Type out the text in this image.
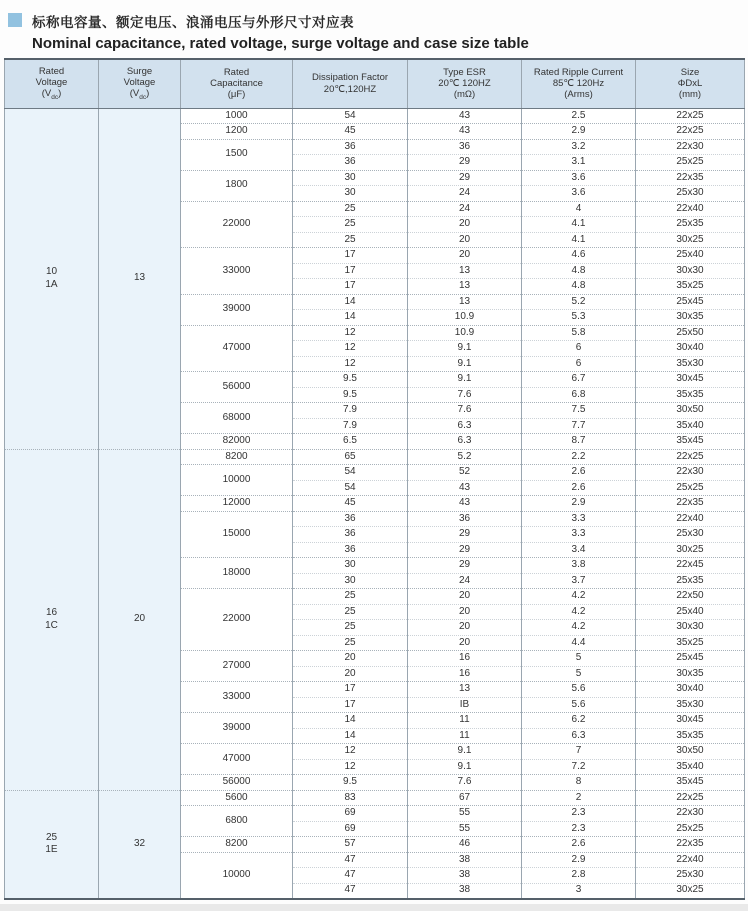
标称电容量、额定电压、浪涌电压与外形尺寸对应表
Nominal capacitance, rated voltage, surge voltage and case size table
Rated
Voltage
$(V_{dc})$	Surge
Voltage
$(V_{dc})$	Rated
Capacitance
(μF)	Dissipation Factor
20℃,120HZ	Type ESR
20℃ 120HZ
(mΩ)	Rated Ripple Current
85℃ 120Hz
(Arms)	Size
ΦDxL
(mm)
10
1A	13	1000	54	43	2.5	22x25
		1200	45	43	2.9	22x25
		1500	36	36	3.2	22x30
			36	29	3.1	25x25
		1800	30	29	3.6	22x35
			30	24	3.6	25x30
		22000	25	24	4	22x40
			25	20	4.1	25x35
			25	20	4.1	30x25
		33000	17	20	4.6	25x40
			17	13	4.8	30x30
			17	13	4.8	35x25
		39000	14	13	5.2	25x45
			14	10.9	5.3	30x35
		47000	12	10.9	5.8	25x50
			12	9.1	6	30x40
			12	9.1	6	35x30
		56000	9.5	9.1	6.7	30x45
			9.5	7.6	6.8	35x35
		68000	7.9	7.6	7.5	30x50
			7.9	6.3	7.7	35x40
		82000	6.5	6.3	8.7	35x45
16
1C	20	8200	65	5.2	2.2	22x25
		10000	54	52	2.6	22x30
			54	43	2.6	25x25
		12000	45	43	2.9	22x35
		15000	36	36	3.3	22x40
			36	29	3.3	25x30
			36	29	3.4	30x25
		18000	30	29	3.8	22x45
			30	24	3.7	25x35
		22000	25	20	4.2	22x50
			25	20	4.2	25x40
			25	20	4.2	30x30
			25	20	4.4	35x25
		27000	20	16	5	25x45
			20	16	5	30x35
		33000	17	13	5.6	30x40
			17	IB	5.6	35x30
		39000	14	11	6.2	30x45
			14	11	6.3	35x35
		47000	12	9.1	7	30x50
			12	9.1	7.2	35x40
		56000	9.5	7.6	8	35x45
25
1E	32	5600	83	67	2	22x25
		6800	69	55	2.3	22x30
			69	55	2.3	25x25
		8200	57	46	2.6	22x35
		10000	47	38	2.9	22x40
			47	38	2.8	25x30
			47	38	3	30x25
